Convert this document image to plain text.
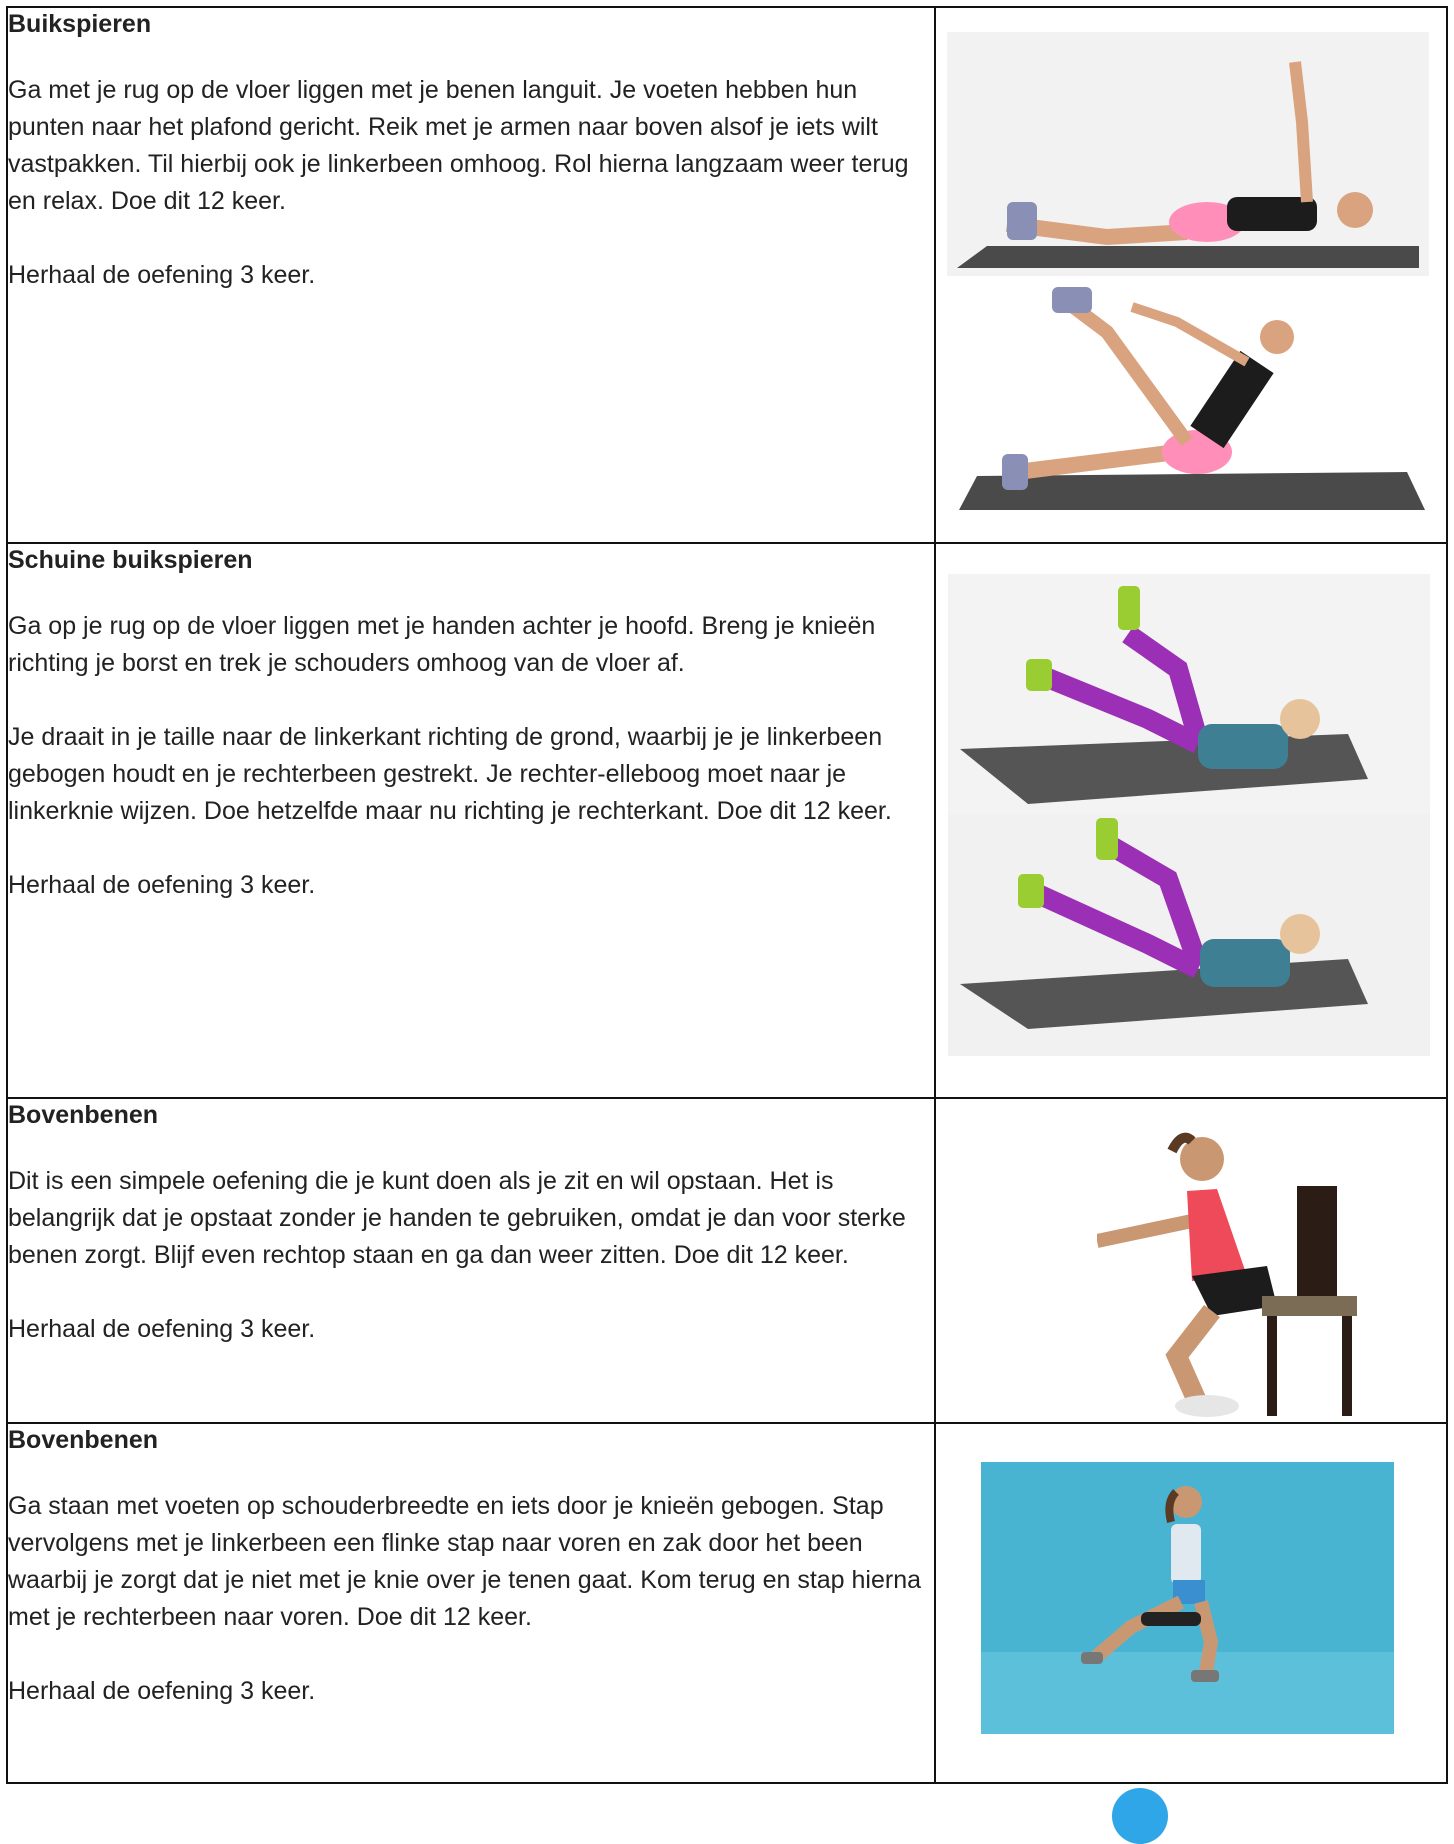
Buikspieren

Ga met je rug op de vloer liggen met je benen languit. Je voeten hebben hun punten naar het plafond gericht. Reik met je armen naar boven alsof je iets wilt vastpakken. Til hierbij ook je linkerbeen omhoog. Rol hierna langzaam weer terug en relax. Doe dit 12 keer.

Herhaal de oefening 3 keer.

Schuine buikspieren

Ga op je rug op de vloer liggen met je handen achter je hoofd. Breng je knieën richting je borst en trek je schouders omhoog van de vloer af.

Je draait in je taille naar de linkerkant richting de grond, waarbij je je linkerbeen gebogen houdt en je rechterbeen gestrekt. Je rechter-elleboog moet naar je linkerknie wijzen. Doe hetzelfde maar nu richting je rechterkant. Doe dit 12 keer.

Herhaal de oefening 3 keer.

Bovenbenen

Dit is een simpele oefening die je kunt doen als je zit en wil opstaan. Het is belangrijk dat je opstaat zonder je handen te gebruiken, omdat je dan voor sterke benen zorgt. Blijf even rechtop staan en ga dan weer zitten. Doe dit 12 keer.

Herhaal de oefening 3 keer.

Bovenbenen

Ga staan met voeten op schouderbreedte en iets door je knieën gebogen. Stap vervolgens met je linkerbeen een flinke stap naar voren en zak door het been waarbij je zorgt dat je niet met je knie over je tenen gaat. Kom terug en stap hierna met je rechterbeen naar voren. Doe dit 12 keer.

Herhaal de oefening 3 keer.
